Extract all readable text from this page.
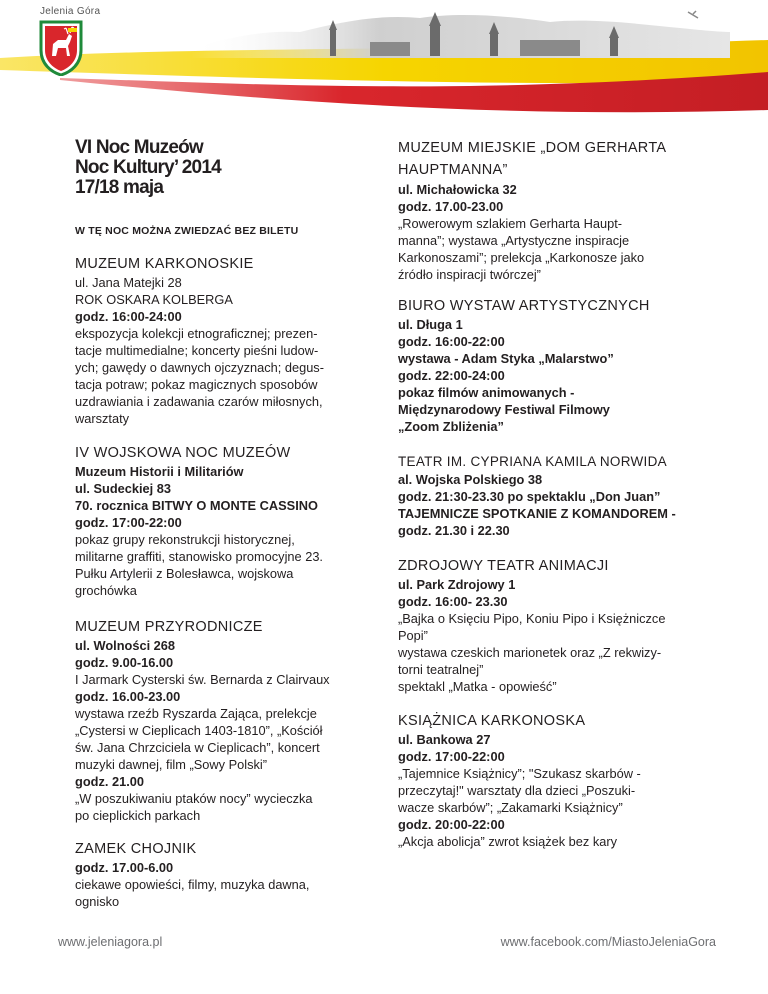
Jelenia Góra
VI Noc Muzeów
Noc Kultury’ 2014
17/18 maja
W TĘ NOC MOŻNA ZWIEDZAĆ BEZ BILETU
MUZEUM KARKONOSKIE

ul. Jana Matejki 28

ROK OSKARA KOLBERGA

godz. 16:00-24:00

ekspozycja kolekcji etnograficznej; prezen-

tacje multimedialne; koncerty pieśni ludow-

ych; gawędy o dawnych ojczyznach; degus-

tacja potraw; pokaz magicznych sposobów

uzdrawiania i zadawania czarów miłosnych,

warsztaty

IV WOJSKOWA NOC MUZEÓW

Muzeum Historii i Militariów

ul. Sudeckiej 83

70. rocznica BITWY O MONTE CASSINO

godz. 17:00-22:00

pokaz grupy rekonstrukcji historycznej,

militarne graffiti, stanowisko promocyjne 23.

Pułku Artylerii z Bolesławca, wojskowa

grochówka

MUZEUM PRZYRODNICZE

ul. Wolności 268

godz. 9.00-16.00

I Jarmark Cysterski św. Bernarda z Clairvaux

godz. 16.00-23.00

wystawa rzeźb Ryszarda Zająca, prelekcje

„Cystersi w Cieplicach 1403-1810”, „Kościół

św. Jana Chrzciciela w Cieplicach”, koncert

muzyki dawnej, film „Sowy Polski”

godz. 21.00

„W poszukiwaniu ptaków nocy” wycieczka

po cieplickich parkach

ZAMEK CHOJNIK

godz. 17.00-6.00

ciekawe opowieści, filmy, muzyka dawna,

ognisko

MUZEUM MIEJSKIE „DOM GERHARTA HAUPTMANNA”

ul. Michałowicka 32

godz. 17.00-23.00

„Rowerowym szlakiem Gerharta Haupt-

manna”; wystawa „Artystyczne inspiracje

Karkonoszami”; prelekcja „Karkonosze jako

źródło inspiracji twórczej”

BIURO WYSTAW ARTYSTYCZNYCH

ul. Długa 1

godz. 16:00-22:00

wystawa - Adam Styka „Malarstwo”

godz. 22:00-24:00

pokaz filmów animowanych -

Międzynarodowy Festiwal Filmowy

„Zoom Zbliżenia”

TEATR IM. CYPRIANA KAMILA NORWIDA

al. Wojska Polskiego 38

godz. 21:30-23.30 po spektaklu „Don Juan”

TAJEMNICZE SPOTKANIE Z KOMANDOREM -

godz. 21.30 i 22.30

ZDROJOWY TEATR ANIMACJI

ul. Park Zdrojowy 1

godz. 16:00- 23.30

„Bajka o Księciu Pipo, Koniu Pipo i Księżniczce

Popi”

wystawa czeskich marionetek oraz „Z rekwizy-

torni teatralnej”

spektakl „Matka - opowieść”

KSIĄŻNICA KARKONOSKA

ul. Bankowa 27

godz. 17:00-22:00

„Tajemnice Książnicy”; "Szukasz skarbów -

przeczytaj!" warsztaty dla dzieci „Poszuki-

wacze skarbów”; „Zakamarki Książnicy”

godz. 20:00-22:00

„Akcja abolicja” zwrot książek bez kary

www.jeleniagora.pl	www.facebook.com/MiastoJeleniaGora
